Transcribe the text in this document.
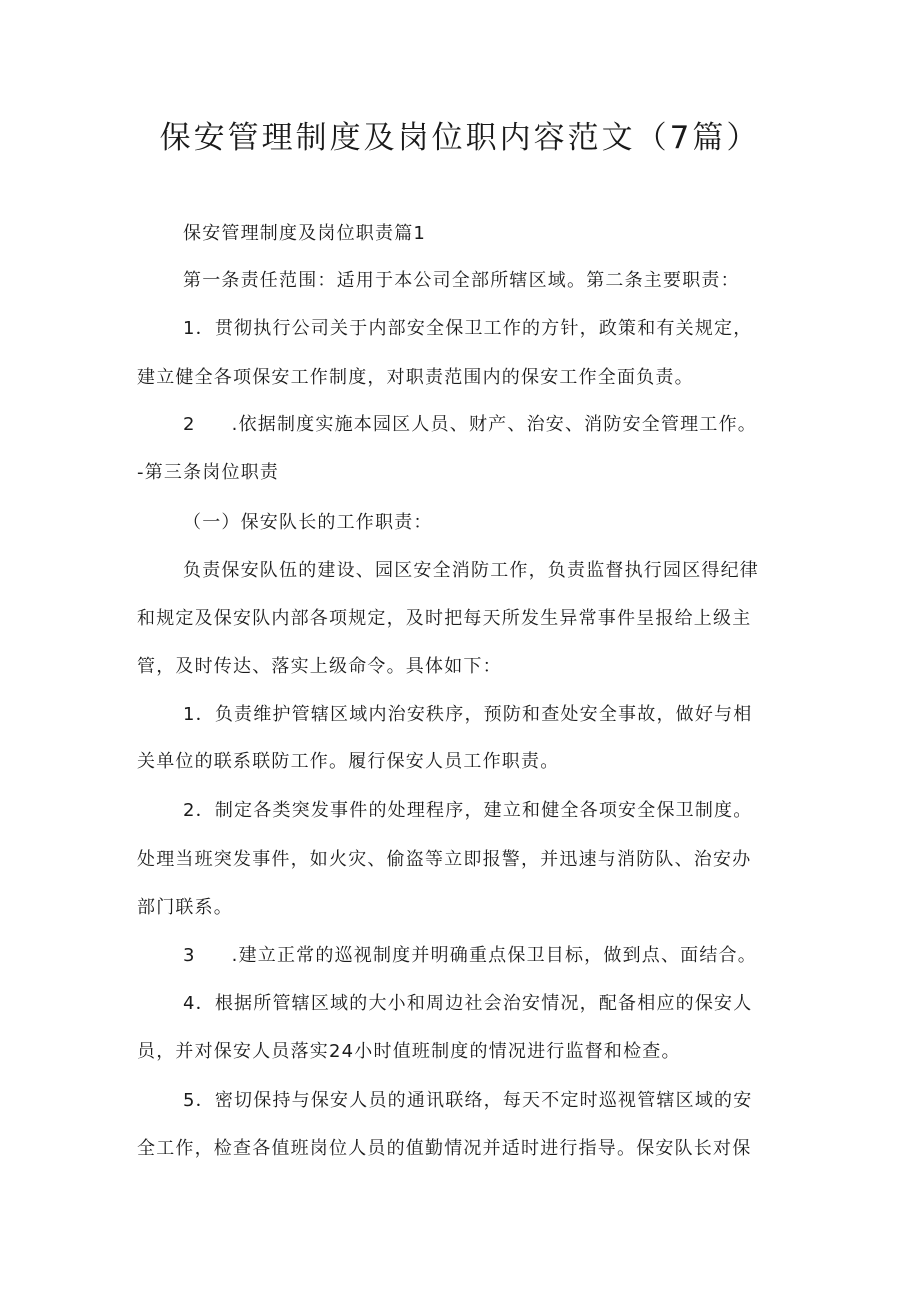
保安管理制度及岗位职内容范文（7篇）
保安管理制度及岗位职责篇1
第一条责任范围：适用于本公司全部所辖区域。第二条主要职责：
1．贯彻执行公司关于内部安全保卫工作的方针，政策和有关规定，
建立健全各项保安工作制度，对职责范围内的保安工作全面负责。
2 .依据制度实施本园区人员、财产、治安、消防安全管理工作。
-第三条岗位职责
（一）保安队长的工作职责：
负责保安队伍的建设、园区安全消防工作，负责监督执行园区得纪律
和规定及保安队内部各项规定，及时把每天所发生异常事件呈报给上级主
管，及时传达、落实上级命令。具体如下：
1．负责维护管辖区域内治安秩序，预防和查处安全事故，做好与相
关单位的联系联防工作。履行保安人员工作职责。
2．制定各类突发事件的处理程序，建立和健全各项安全保卫制度。
处理当班突发事件，如火灾、偷盗等立即报警，并迅速与消防队、治安办
部门联系。
3 .建立正常的巡视制度并明确重点保卫目标，做到点、面结合。
4．根据所管辖区域的大小和周边社会治安情况，配备相应的保安人
员，并对保安人员落实24小时值班制度的情况进行监督和检查。
5．密切保持与保安人员的通讯联络，每天不定时巡视管辖区域的安
全工作，检查各值班岗位人员的值勤情况并适时进行指导。保安队长对保
